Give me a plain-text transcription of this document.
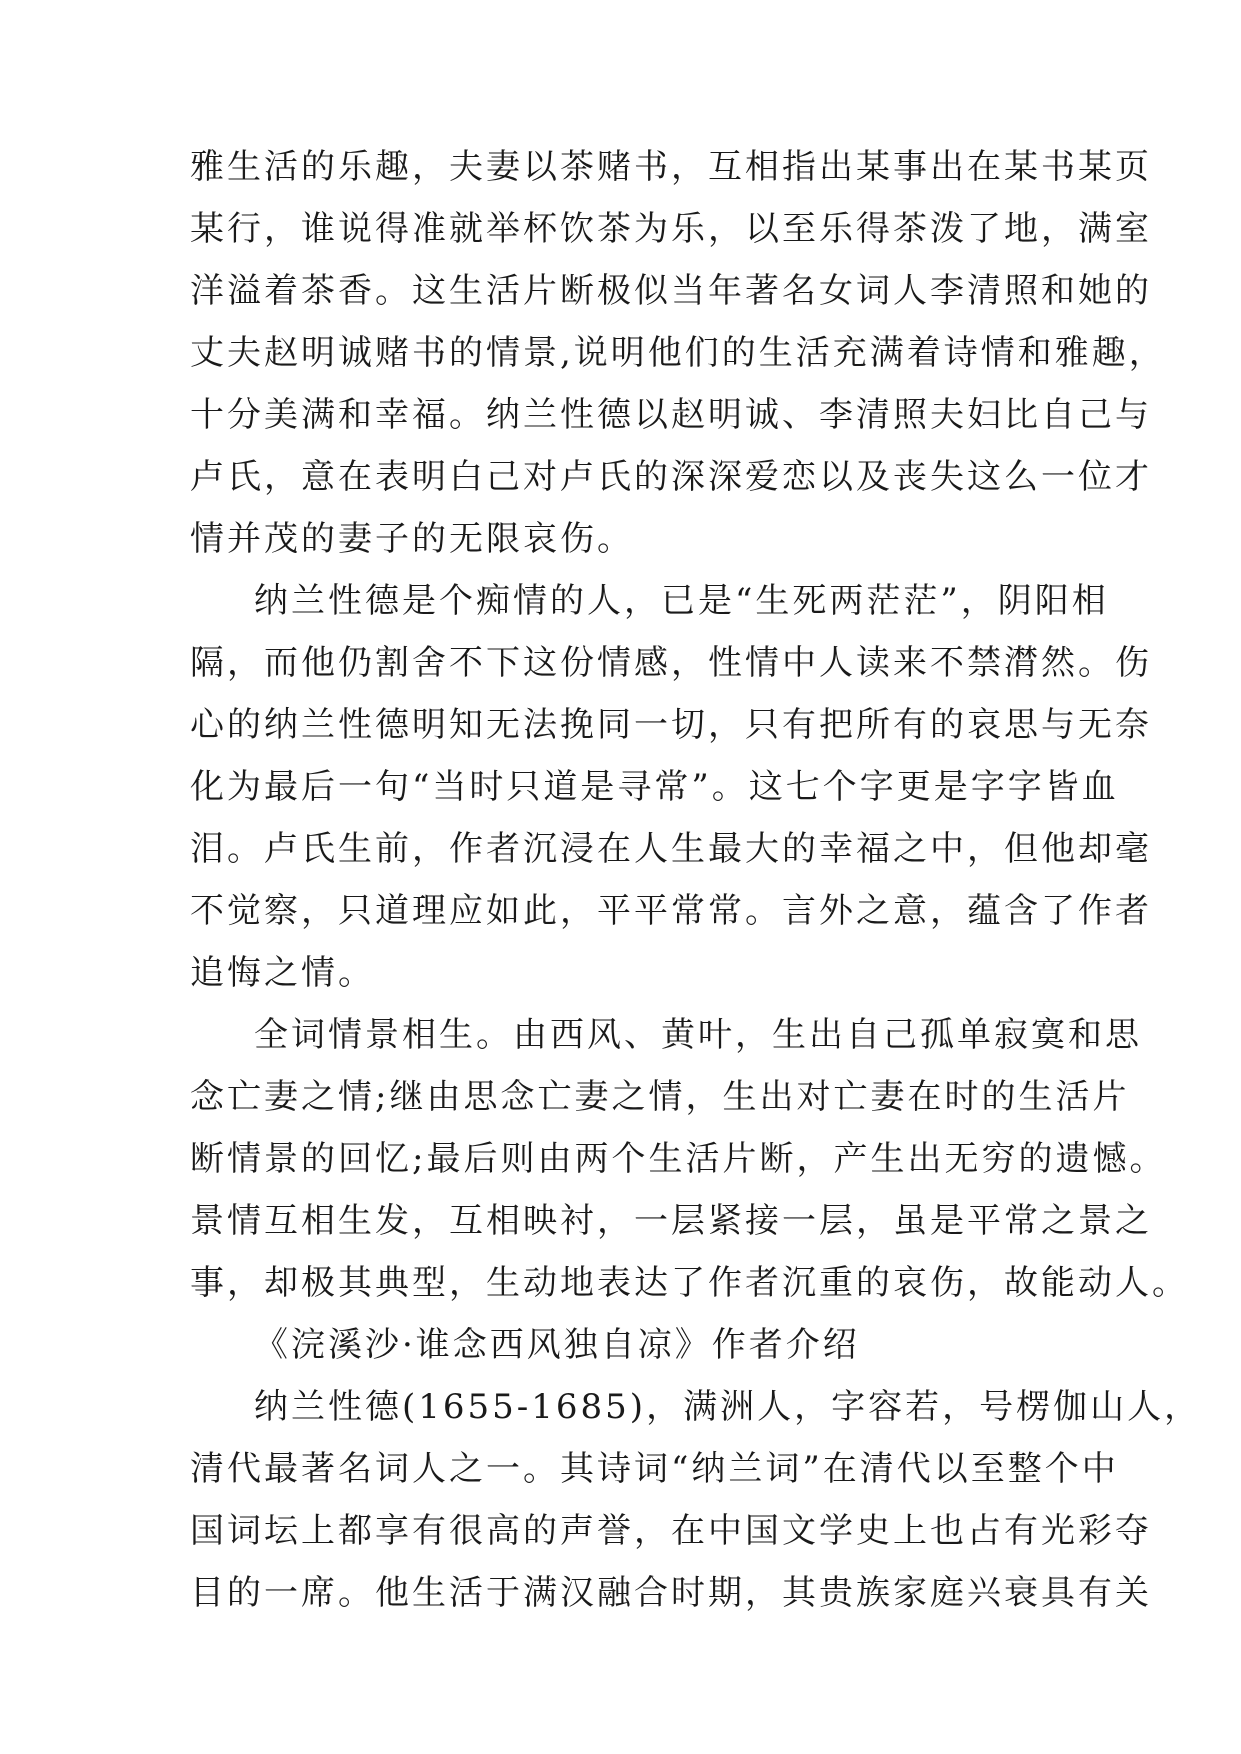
雅生活的乐趣，夫妻以茶赌书，互相指出某事出在某书某页
某行，谁说得准就举杯饮茶为乐，以至乐得茶泼了地，满室
洋溢着茶香。这生活片断极似当年著名女词人李清照和她的
丈夫赵明诚赌书的情景,说明他们的生活充满着诗情和雅趣，
十分美满和幸福。纳兰性德以赵明诚、李清照夫妇比自己与
卢氏，意在表明白己对卢氏的深深爱恋以及丧失这么一位才
情并茂的妻子的无限哀伤。
纳兰性德是个痴情的人，已是“生死两茫茫”，阴阳相
隔，而他仍割舍不下这份情感，性情中人读来不禁潸然。伤
心的纳兰性德明知无法挽同一切，只有把所有的哀思与无奈
化为最后一句“当时只道是寻常”。这七个字更是字字皆血
泪。卢氏生前，作者沉浸在人生最大的幸福之中，但他却毫
不觉察，只道理应如此，平平常常。言外之意，蕴含了作者
追悔之情。
全词情景相生。由西风、黄叶，生出自己孤单寂寞和思
念亡妻之情;继由思念亡妻之情，生出对亡妻在时的生活片
断情景的回忆;最后则由两个生活片断，产生出无穷的遗憾。
景情互相生发，互相映衬，一层紧接一层，虽是平常之景之
事，却极其典型，生动地表达了作者沉重的哀伤，故能动人。
《浣溪沙·谁念西风独自凉》作者介绍
纳兰性德(1655-1685)，满洲人，字容若，号楞伽山人，
清代最著名词人之一。其诗词“纳兰词”在清代以至整个中
国词坛上都享有很高的声誉，在中国文学史上也占有光彩夺
目的一席。他生活于满汉融合时期，其贵族家庭兴衰具有关
